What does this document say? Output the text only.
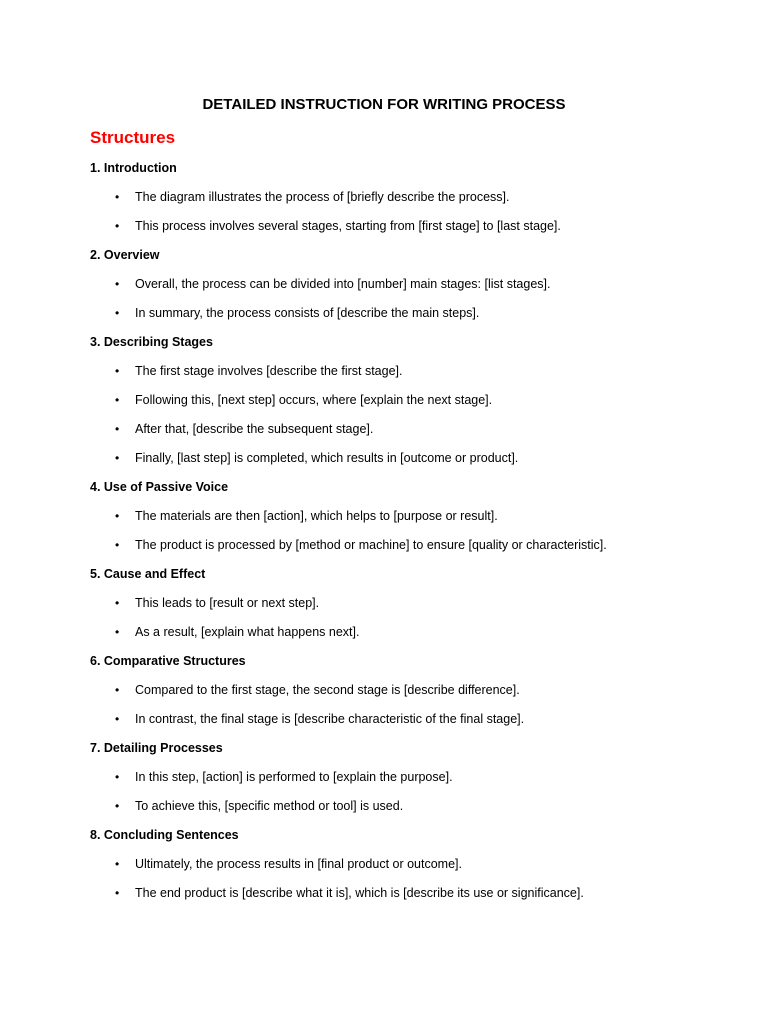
DETAILED INSTRUCTION FOR WRITING PROCESS
Structures
1. Introduction
• The diagram illustrates the process of [briefly describe the process].
• This process involves several stages, starting from [first stage] to [last stage].
2. Overview
• Overall, the process can be divided into [number] main stages: [list stages].
• In summary, the process consists of [describe the main steps].
3. Describing Stages
• The first stage involves [describe the first stage].
• Following this, [next step] occurs, where [explain the next stage].
• After that, [describe the subsequent stage].
• Finally, [last step] is completed, which results in [outcome or product].
4. Use of Passive Voice
• The materials are then [action], which helps to [purpose or result].
• The product is processed by [method or machine] to ensure [quality or characteristic].
5. Cause and Effect
• This leads to [result or next step].
• As a result, [explain what happens next].
6. Comparative Structures
• Compared to the first stage, the second stage is [describe difference].
• In contrast, the final stage is [describe characteristic of the final stage].
7. Detailing Processes
• In this step, [action] is performed to [explain the purpose].
• To achieve this, [specific method or tool] is used.
8. Concluding Sentences
• Ultimately, the process results in [final product or outcome].
• The end product is [describe what it is], which is [describe its use or significance].
